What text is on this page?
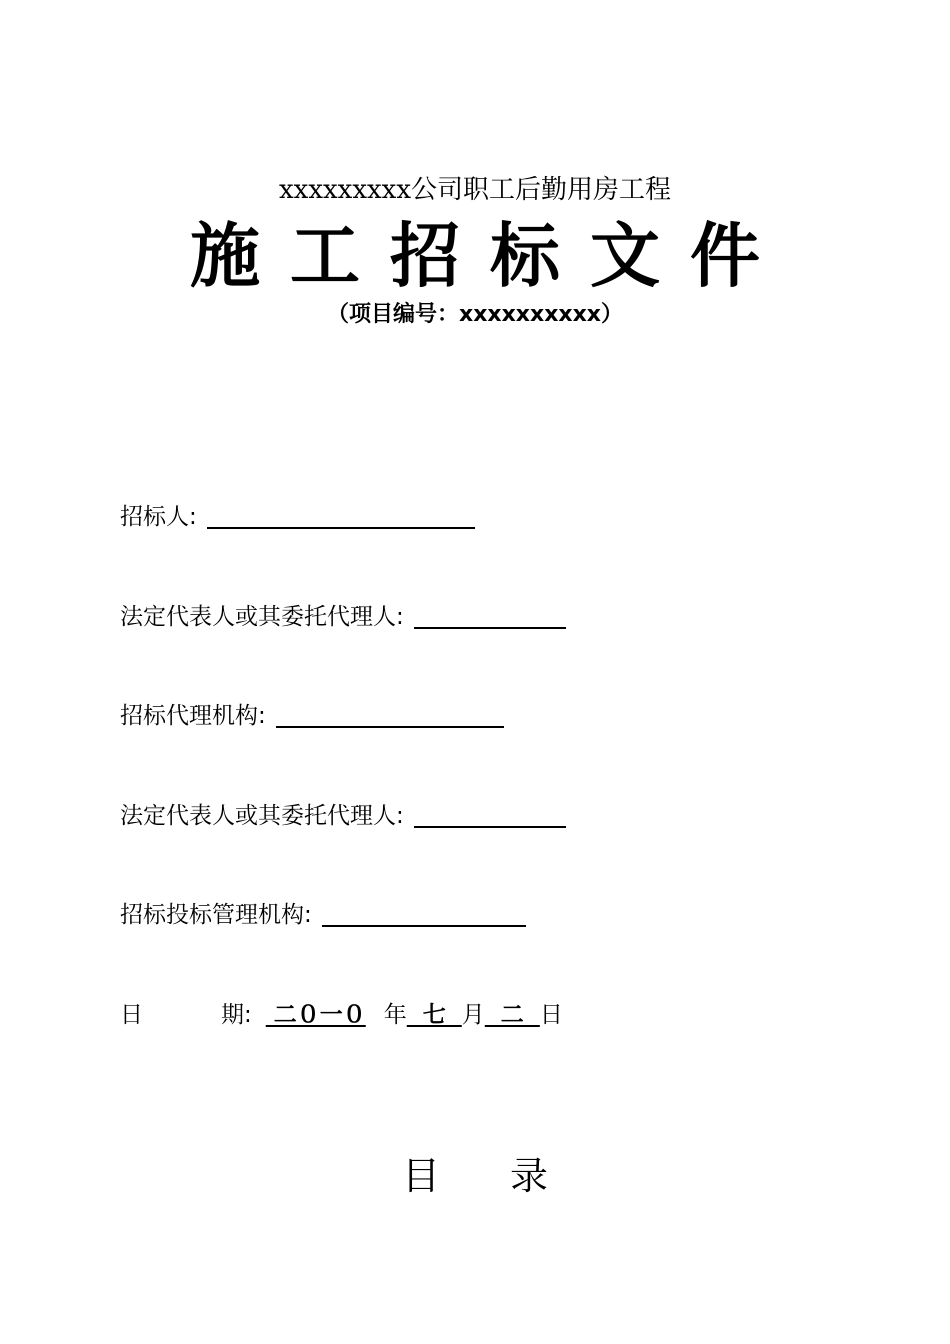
xxxxxxxxx公司职工后勤用房工程
施工招标文件
（项目编号：xxxxxxxxxx）
招标人:
法定代表人或其委托代理人:
招标代理机构:
法定代表人或其委托代理人:
招标投标管理机构:
日	期: 二０一０ 年 七 月 二 日
目录
